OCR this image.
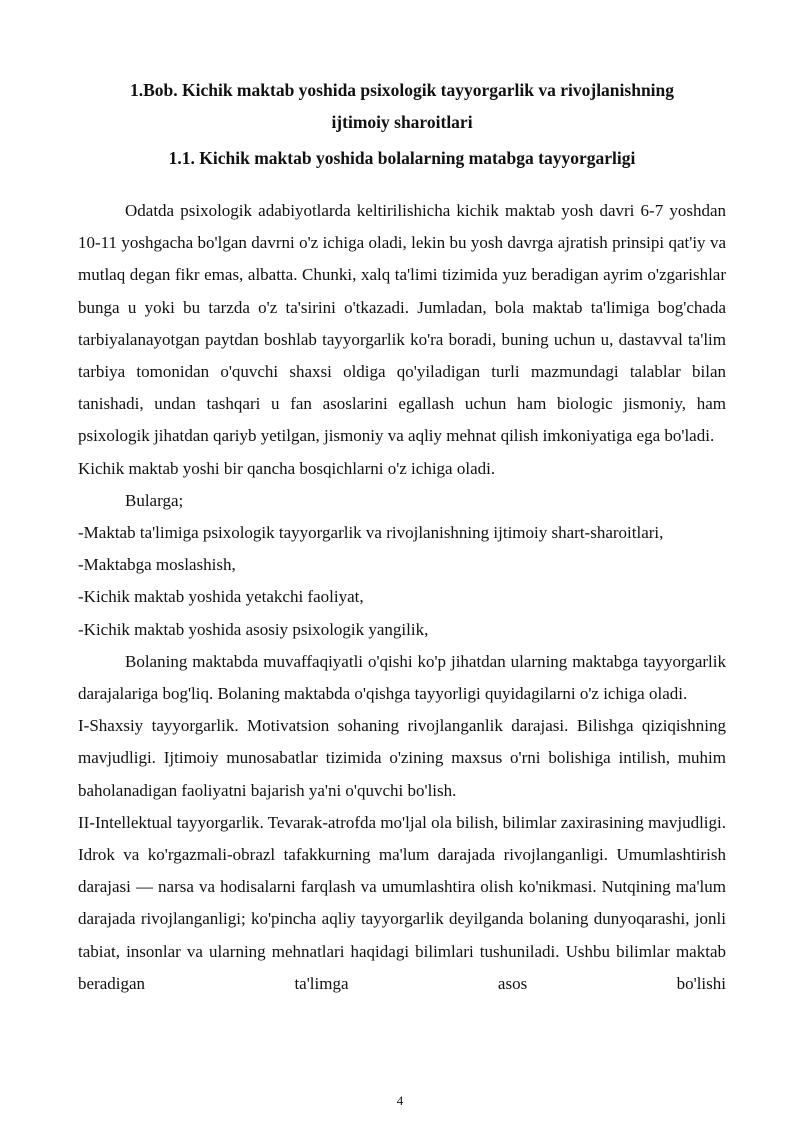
1.Bob. Kichik maktab yoshida psixologik tayyorgarlik va rivojlanishning
ijtimoiy sharoitlari
1.1. Kichik maktab yoshida bolalarning matabga tayyorgarligi

Odatda psixologik adabiyotlarda keltirilishicha kichik maktab yosh davri 6-7 yoshdan 10-11 yoshgacha bo'lgan davrni o'z ichiga oladi, lekin bu yosh davrga ajratish prinsipi qat'iy va mutlaq degan fikr emas, albatta. Chunki, xalq ta'limi tizimida yuz beradigan ayrim o'zgarishlar bunga u yoki bu tarzda o'z ta'sirini o'tkazadi. Jumladan, bola maktab ta'limiga bog'chada tarbiyalanayotgan paytdan boshlab tayyorgarlik ko'ra boradi, buning uchun u, dastavval ta'lim tarbiya tomonidan o'quvchi shaxsi oldiga qo'yiladigan turli mazmundagi talablar bilan tanishadi, undan tashqari u fan asoslarini egallash uchun ham biologic jismoniy, ham psixologik jihatdan qariyb yetilgan, jismoniy va aqliy mehnat qilish imkoniyatiga ega bo'ladi.

Kichik maktab yoshi bir qancha bosqichlarni o'z ichiga oladi.

Bularga;

-Maktab ta'limiga psixologik tayyorgarlik va rivojlanishning ijtimoiy shart-sharoitlari,

-Maktabga moslashish,

-Kichik maktab yoshida yetakchi faoliyat,

-Kichik maktab yoshida asosiy psixologik yangilik,

Bolaning maktabda muvaffaqiyatli o'qishi ko'p jihatdan ularning maktabga tayyorgarlik darajalariga bog'liq. Bolaning maktabda o'qishga tayyorligi quyidagilarni o'z ichiga oladi.

I-Shaxsiy tayyorgarlik. Motivatsion sohaning rivojlanganlik darajasi. Bilishga qiziqishning mavjudligi. Ijtimoiy munosabatlar tizimida o'zining maxsus o'rni bolishiga intilish, muhim baholanadigan faoliyatni bajarish ya'ni o'quvchi bo'lish.

II-Intellektual tayyorgarlik. Tevarak-atrofda mo'ljal ola bilish, bilimlar zaxirasining mavjudligi. Idrok va ko'rgazmali-obrazl tafakkurning ma'lum darajada rivojlanganligi. Umumlashtirish darajasi — narsa va hodisalarni farqlash va umumlashtira olish ko'nikmasi. Nutqining ma'lum darajada rivojlanganligi; ko'pincha aqliy tayyorgarlik deyilganda bolaning dunyoqarashi, jonli tabiat, insonlar va ularning mehnatlari haqidagi bilimlari tushuniladi. Ushbu bilimlar maktab beradigan ta'limga asos bo'lishi

4
